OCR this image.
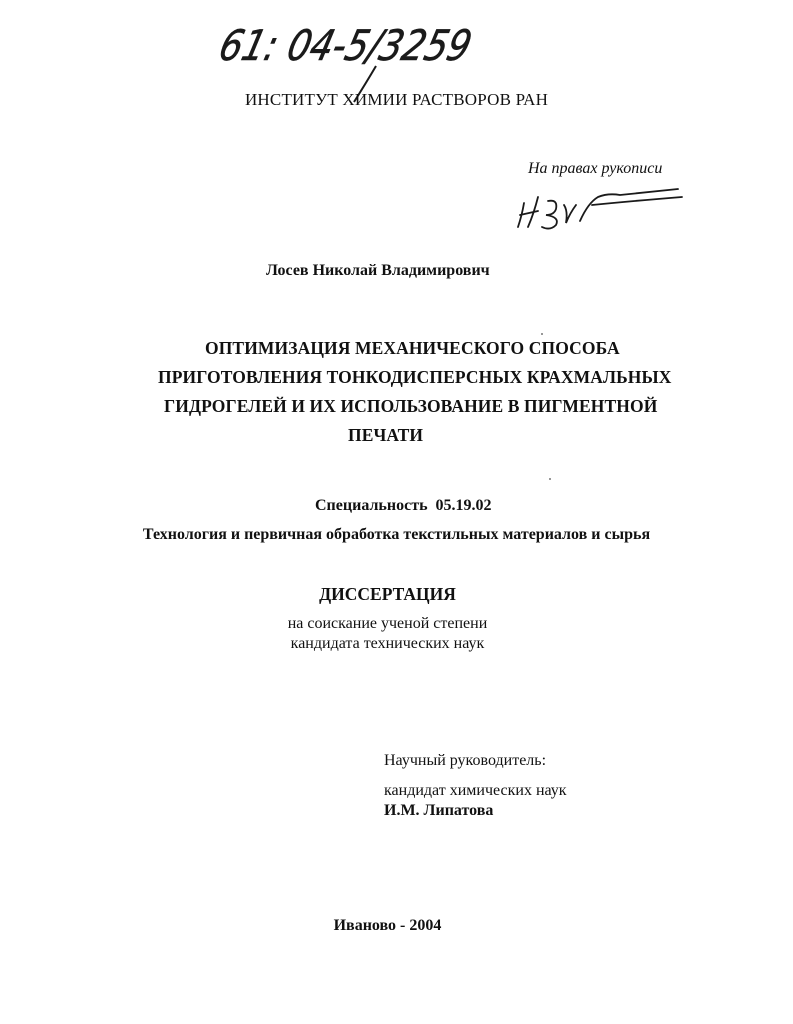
61: 04-5/3259
ИНСТИТУТ ХИМИИ РАСТВОРОВ РАН
На правах рукописи
Лосев Николай Владимирович
ОПТИМИЗАЦИЯ МЕХАНИЧЕСКОГО СПОСОБА
ПРИГОТОВЛЕНИЯ ТОНКОДИСПЕРСНЫХ КРАХМАЛЬНЫХ
ГИДРОГЕЛЕЙ И ИХ ИСПОЛЬЗОВАНИЕ В ПИГМЕНТНОЙ
ПЕЧАТИ
Специальность 05.19.02
Технология и первичная обработка текстильных материалов и сырья
ДИССЕРТАЦИЯ
на соискание ученой степени
кандидата технических наук
Научный руководитель:
кандидат химических наук
И.М. Липатова
Иваново - 2004
